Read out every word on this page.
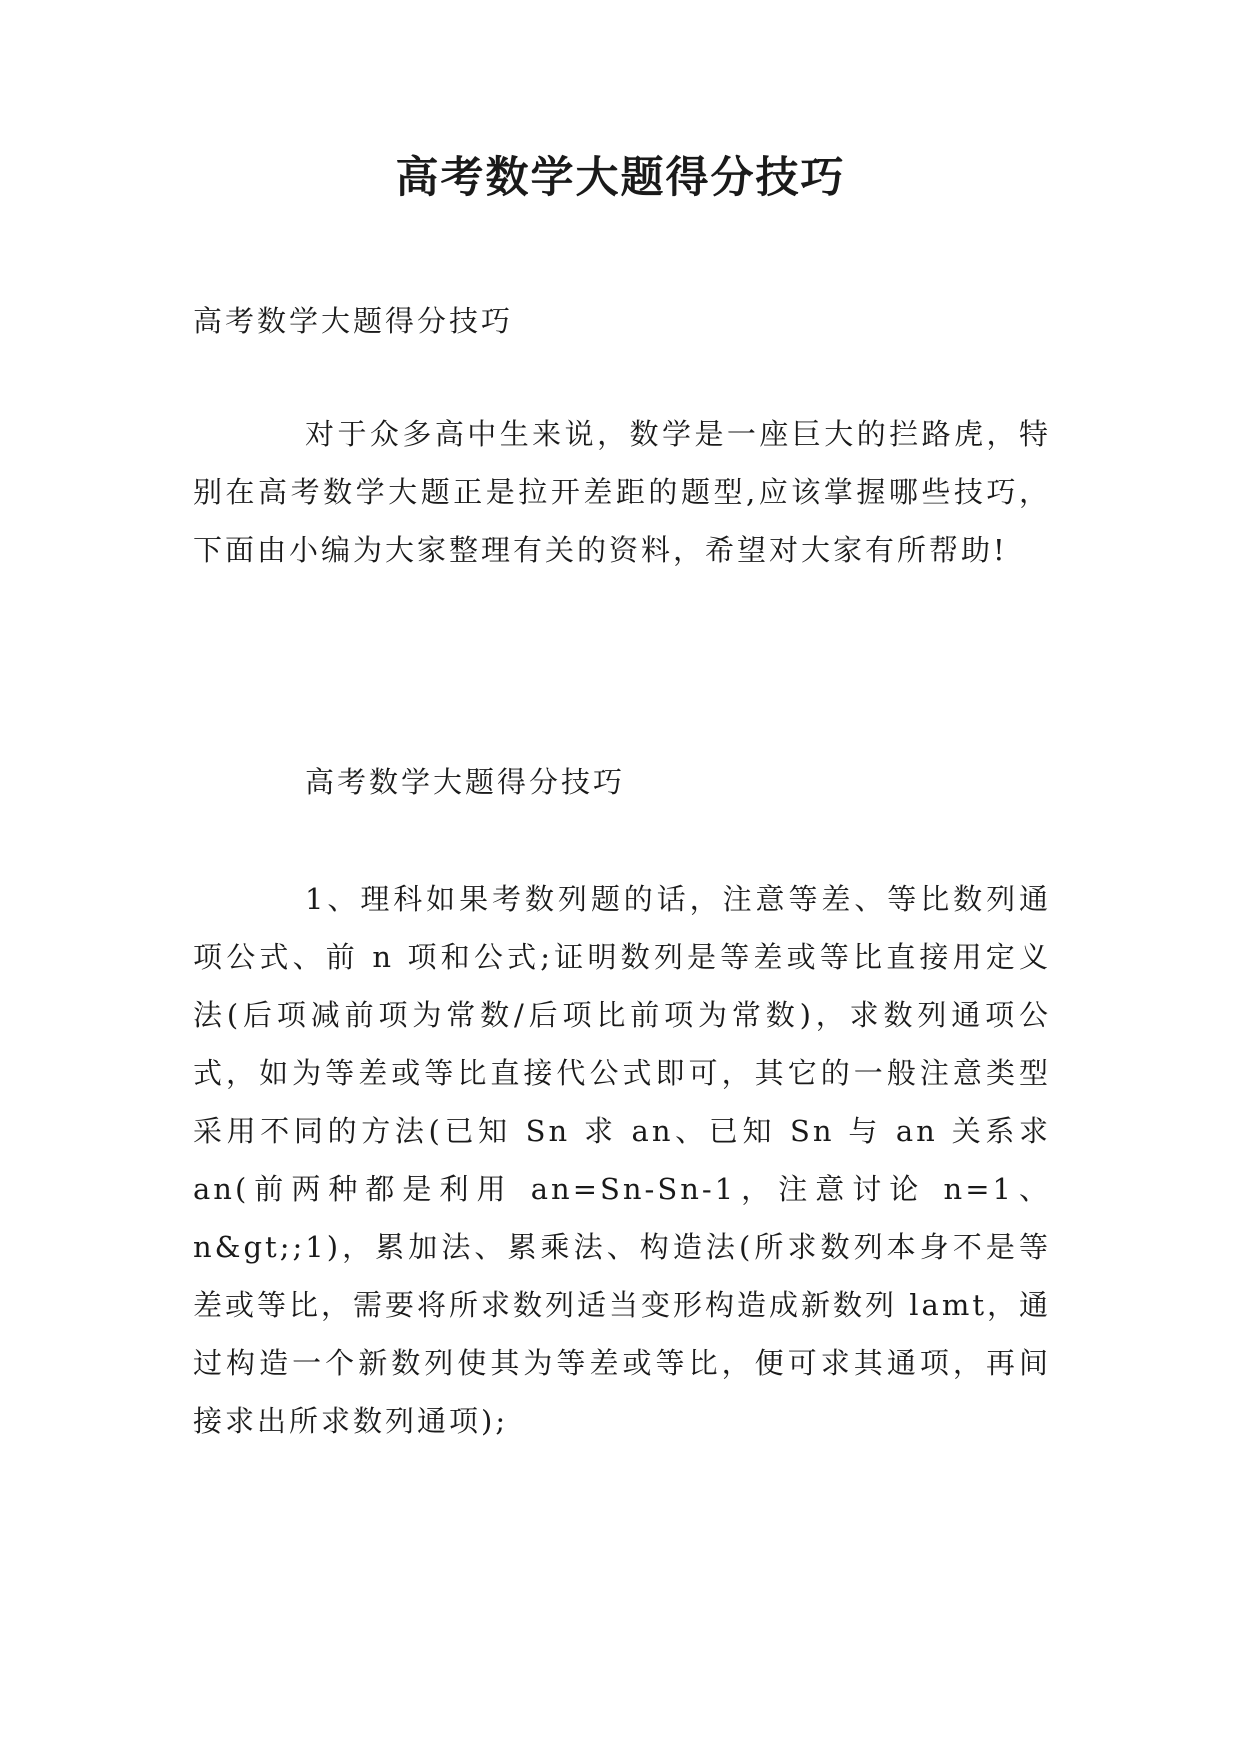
高考数学大题得分技巧

高考数学大题得分技巧

对于众多高中生来说，数学是一座巨大的拦路虎，特别在高考数学大题正是拉开差距的题型,应该掌握哪些技巧，下面由小编为大家整理有关的资料，希望对大家有所帮助!

高考数学大题得分技巧

1、理科如果考数列题的话，注意等差、等比数列通项公式、前 n 项和公式;证明数列是等差或等比直接用定义法(后项减前项为常数/后项比前项为常数)，求数列通项公式，如为等差或等比直接代公式即可，其它的一般注意类型采用不同的方法(已知 Sn 求 an、已知 Sn 与 an 关系求 an(前两种都是利用 an=Sn-Sn-1，注意讨论 n=1、n&gt;;1)，累加法、累乘法、构造法(所求数列本身不是等差或等比，需要将所求数列适当变形构造成新数列 lamt，通过构造一个新数列使其为等差或等比，便可求其通项，再间接求出所求数列通项);
